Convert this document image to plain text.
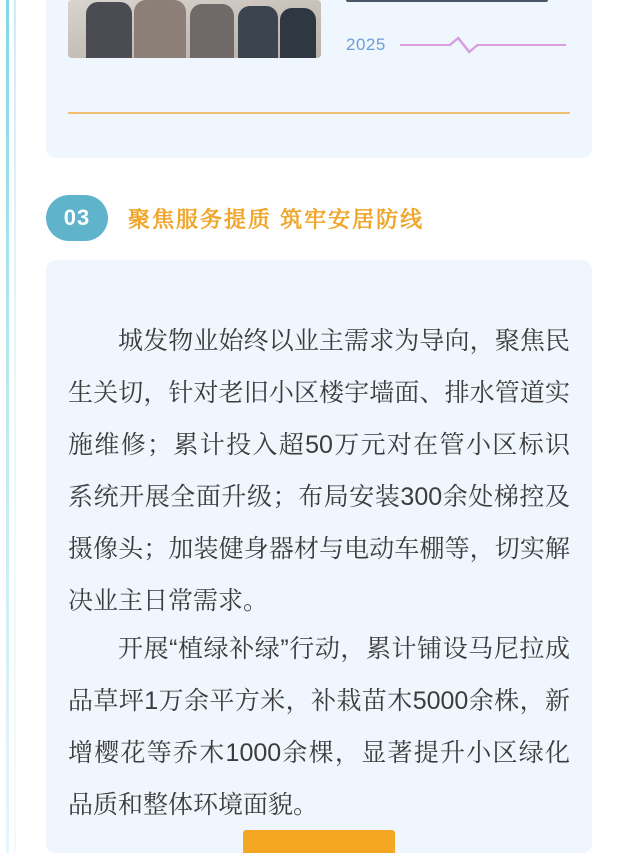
2025
03	聚焦服务提质 筑牢安居防线

城发物业始终以业主需求为导向，聚焦民生关切，针对老旧小区楼宇墙面、排水管道实施维修；累计投入超50万元对在管小区标识系统开展全面升级；布局安装300余处梯控及摄像头；加装健身器材与电动车棚等，切实解决业主日常需求。

开展“植绿补绿”行动，累计铺设马尼拉成品草坪1万余平方米，补栽苗木5000余株，新增樱花等乔木1000余棵，显著提升小区绿化品质和整体环境面貌。
